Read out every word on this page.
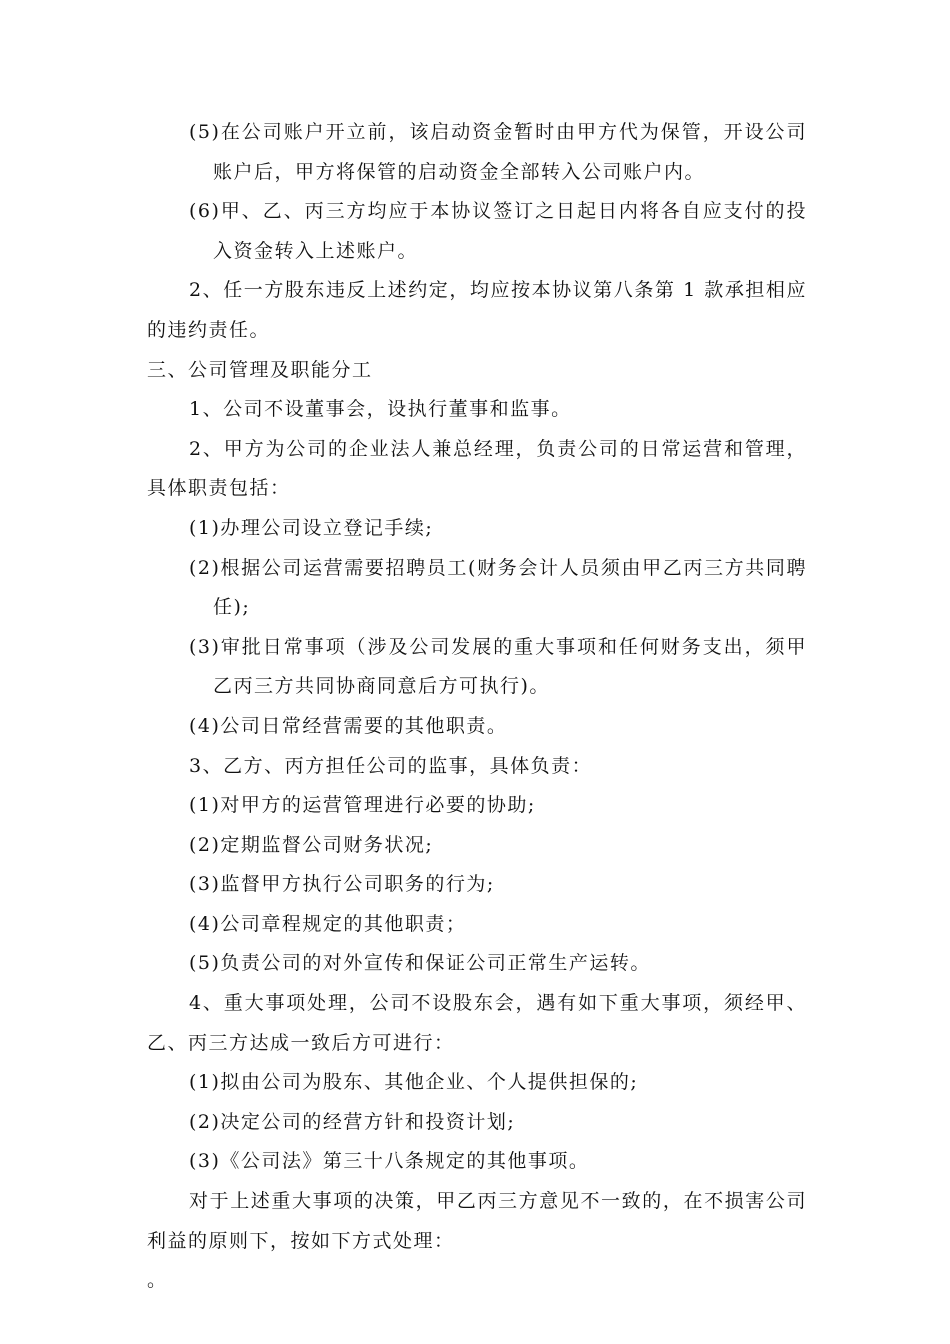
(5)在公司账户开立前，该启动资金暂时由甲方代为保管，开设公司账户后，甲方将保管的启动资金全部转入公司账户内。

(6)甲、乙、丙三方均应于本协议签订之日起日内将各自应支付的投入资金转入上述账户。

2、任一方股东违反上述约定，均应按本协议第八条第 1 款承担相应的违约责任。

三、公司管理及职能分工

1、公司不设董事会，设执行董事和监事。

2、甲方为公司的企业法人兼总经理，负责公司的日常运营和管理，具体职责包括：

(1)办理公司设立登记手续;

(2)根据公司运营需要招聘员工(财务会计人员须由甲乙丙三方共同聘任);

(3)审批日常事项（涉及公司发展的重大事项和任何财务支出，须甲乙丙三方共同协商同意后方可执行)。

(4)公司日常经营需要的其他职责。

3、乙方、丙方担任公司的监事，具体负责：

(1)对甲方的运营管理进行必要的协助;

(2)定期监督公司财务状况;

(3)监督甲方执行公司职务的行为;

(4)公司章程规定的其他职责；

(5)负责公司的对外宣传和保证公司正常生产运转。

4、重大事项处理，公司不设股东会，遇有如下重大事项，须经甲、乙、丙三方达成一致后方可进行：

(1)拟由公司为股东、其他企业、个人提供担保的;

(2)决定公司的经营方针和投资计划;

(3)《公司法》第三十八条规定的其他事项。

对于上述重大事项的决策，甲乙丙三方意见不一致的，在不损害公司利益的原则下，按如下方式处理：

。
